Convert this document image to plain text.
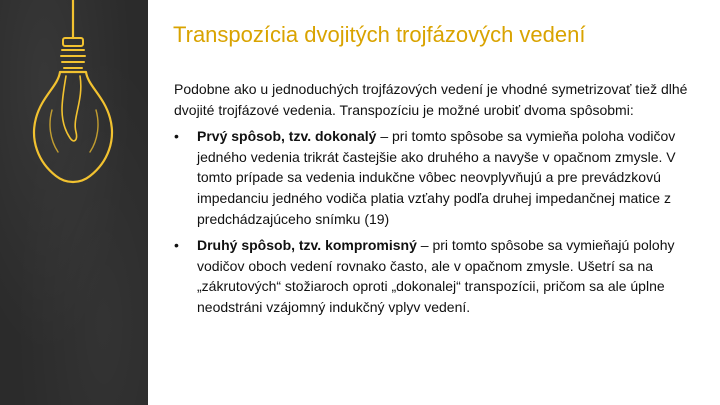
Transpozícia dvojitých trojfázových vedení

Podobne ako u jednoduchých trojfázových vedení je vhodné symetrizovať tiež dlhé dvojité trojfázové vedenia. Transpozíciu je možné urobiť dvoma spôsobmi:

• Prvý spôsob, tzv. dokonalý – pri tomto spôsobe sa vymieňa poloha vodičov jedného vedenia trikrát častejšie ako druhého a navyše v opačnom zmysle. V tomto prípade sa vedenia indukčne vôbec neovplyvňujú a pre prevádzkovú impedanciu jedného vodiča platia vzťahy podľa druhej impedančnej matice z predchádzajúceho snímku (19)
• Druhý spôsob, tzv. kompromisný – pri tomto spôsobe sa vymieňajú polohy vodičov oboch vedení rovnako často, ale v opačnom zmysle. Ušetrí sa na „zákrutových“ stožiaroch oproti „dokonalej“ transpozícii, pričom sa ale úplne neodstráni vzájomný indukčný vplyv vedení.
